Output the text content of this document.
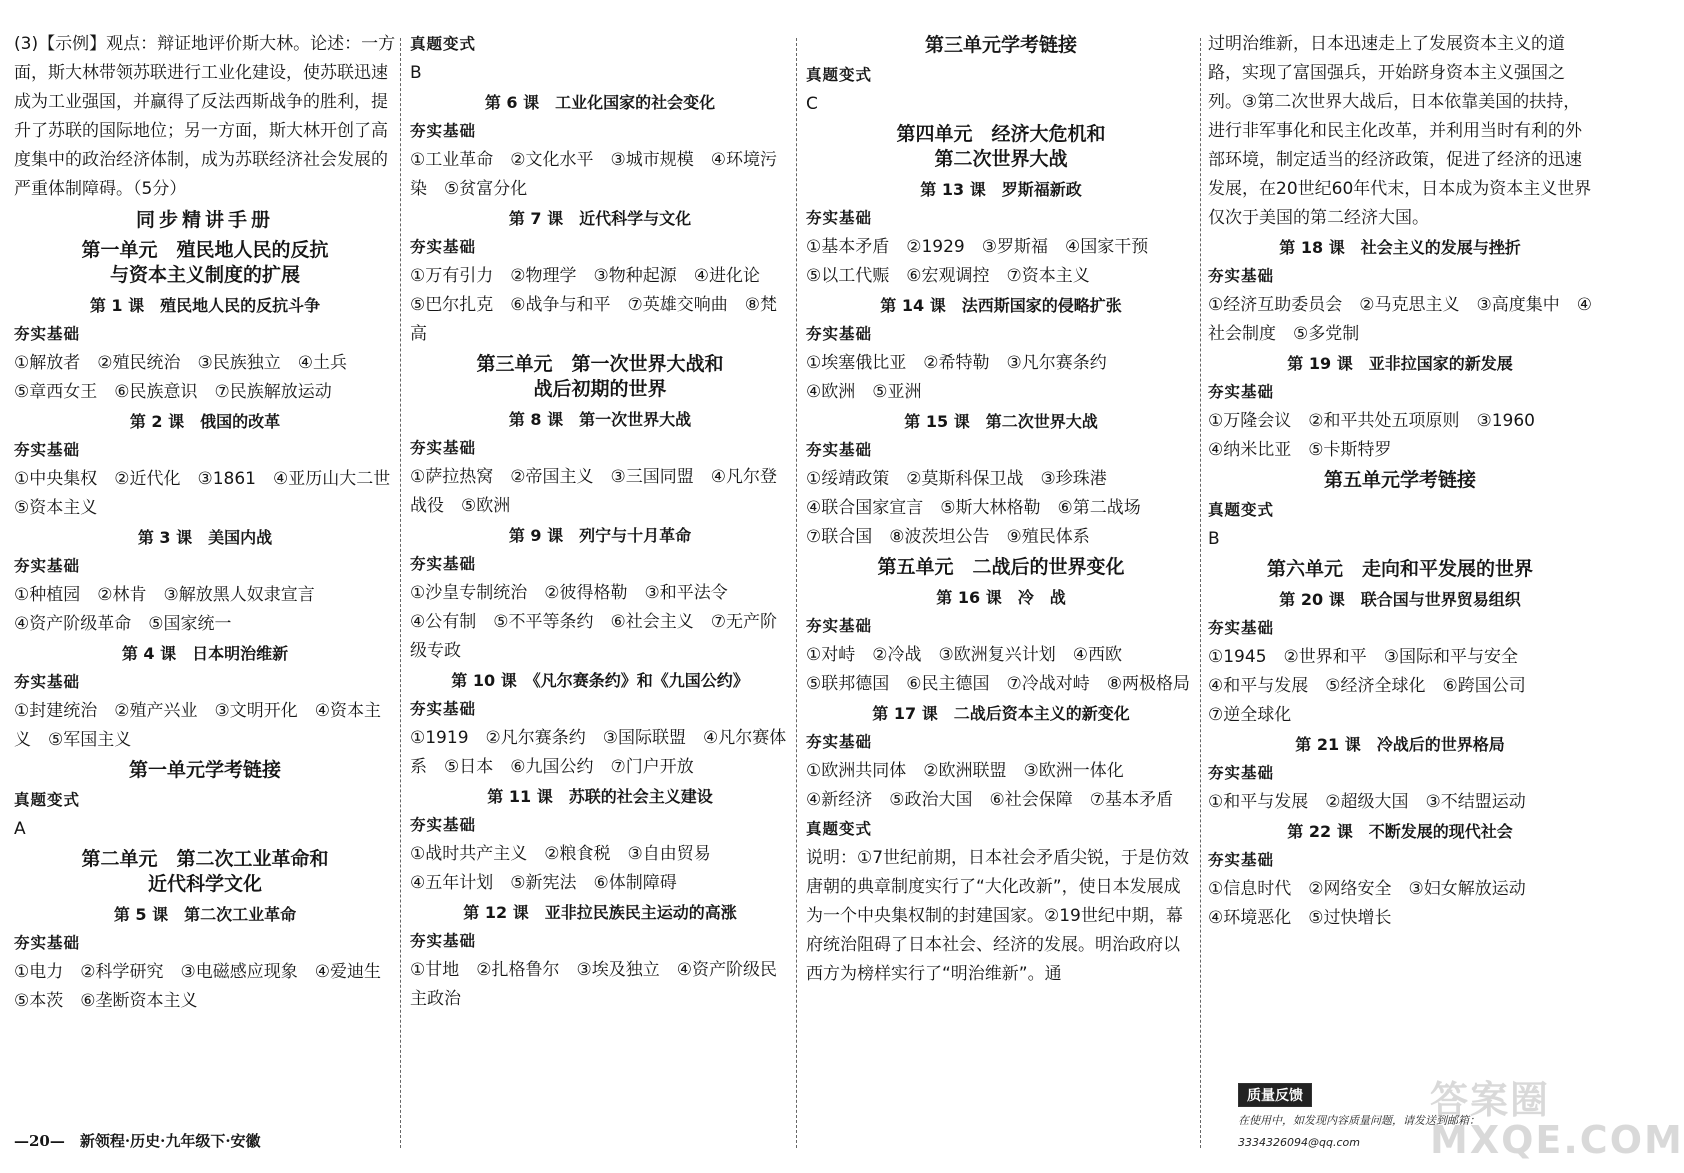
(3)【示例】观点：辩证地评价斯大林。论述：一方面，斯大林带领苏联进行工业化建设，使苏联迅速成为工业强国，并赢得了反法西斯战争的胜利，提升了苏联的国际地位；另一方面，斯大林开创了高度集中的政治经济体制，成为苏联经济社会发展的严重体制障碍。（5分）

同步精讲手册

第一单元　殖民地人民的反抗
与资本主义制度的扩展

第 1 课　殖民地人民的反抗斗争

夯实基础

①解放者　②殖民统治　③民族独立　④土兵
⑤章西女王　⑥民族意识　⑦民族解放运动

第 2 课　俄国的改革

夯实基础

①中央集权　②近代化　③1861　④亚历山大二世　⑤资本主义

第 3 课　美国内战

夯实基础

①种植园　②林肯　③解放黑人奴隶宣言
④资产阶级革命　⑤国家统一

第 4 课　日本明治维新

夯实基础

①封建统治　②殖产兴业　③文明开化　④资本主义　⑤军国主义

第一单元学考链接

真题变式

A

第二单元　第二次工业革命和
近代科学文化

第 5 课　第二次工业革命

夯实基础

①电力　②科学研究　③电磁感应现象　④爱迪生　⑤本茨　⑥垄断资本主义

真题变式

B

第 6 课　工业化国家的社会变化

夯实基础

①工业革命　②文化水平　③城市规模　④环境污染　⑤贫富分化

第 7 课　近代科学与文化

夯实基础

①万有引力　②物理学　③物种起源　④进化论　⑤巴尔扎克　⑥战争与和平　⑦英雄交响曲　⑧梵高

第三单元　第一次世界大战和
战后初期的世界

第 8 课　第一次世界大战

夯实基础

①萨拉热窝　②帝国主义　③三国同盟　④凡尔登战役　⑤欧洲

第 9 课　列宁与十月革命

夯实基础

①沙皇专制统治　②彼得格勒　③和平法令
④公有制　⑤不平等条约　⑥社会主义　⑦无产阶级专政

第 10 课　《凡尔赛条约》和《九国公约》

夯实基础

①1919　②凡尔赛条约　③国际联盟　④凡尔赛体系　⑤日本　⑥九国公约　⑦门户开放

第 11 课　苏联的社会主义建设

夯实基础

①战时共产主义　②粮食税　③自由贸易
④五年计划　⑤新宪法　⑥体制障碍

第 12 课　亚非拉民族民主运动的高涨

夯实基础

①甘地　②扎格鲁尔　③埃及独立　④资产阶级民主政治

第三单元学考链接

真题变式

C

第四单元　经济大危机和
第二次世界大战

第 13 课　罗斯福新政

夯实基础

①基本矛盾　②1929　③罗斯福　④国家干预
⑤以工代赈　⑥宏观调控　⑦资本主义

第 14 课　法西斯国家的侵略扩张

夯实基础

①埃塞俄比亚　②希特勒　③凡尔赛条约
④欧洲　⑤亚洲

第 15 课　第二次世界大战

夯实基础

①绥靖政策　②莫斯科保卫战　③珍珠港
④联合国家宣言　⑤斯大林格勒　⑥第二战场
⑦联合国　⑧波茨坦公告　⑨殖民体系

第五单元　二战后的世界变化

第 16 课　冷　战

夯实基础

①对峙　②冷战　③欧洲复兴计划　④西欧
⑤联邦德国　⑥民主德国　⑦冷战对峙　⑧两极格局

第 17 课　二战后资本主义的新变化

夯实基础

①欧洲共同体　②欧洲联盟　③欧洲一体化
④新经济　⑤政治大国　⑥社会保障　⑦基本矛盾

真题变式

说明：①7世纪前期，日本社会矛盾尖锐，于是仿效唐朝的典章制度实行了“大化改新”，使日本发展成为一个中央集权制的封建国家。②19世纪中期，幕府统治阻碍了日本社会、经济的发展。明治政府以西方为榜样实行了“明治维新”。通

过明治维新，日本迅速走上了发展资本主义的道路，实现了富国强兵，开始跻身资本主义强国之列。③第二次世界大战后，日本依靠美国的扶持，进行非军事化和民主化改革，并利用当时有利的外部环境，制定适当的经济政策，促进了经济的迅速发展，在20世纪60年代末，日本成为资本主义世界仅次于美国的第二经济大国。

第 18 课　社会主义的发展与挫折

夯实基础

①经济互助委员会　②马克思主义　③高度集中　④社会制度　⑤多党制

第 19 课　亚非拉国家的新发展

夯实基础

①万隆会议　②和平共处五项原则　③1960
④纳米比亚　⑤卡斯特罗

第五单元学考链接

真题变式

B

第六单元　走向和平发展的世界

第 20 课　联合国与世界贸易组织

夯实基础

①1945　②世界和平　③国际和平与安全
④和平与发展　⑤经济全球化　⑥跨国公司
⑦逆全球化

第 21 课　冷战后的世界格局

夯实基础

①和平与发展　②超级大国　③不结盟运动

第 22 课　不断发展的现代社会

夯实基础

①信息时代　②网络安全　③妇女解放运动
④环境恶化　⑤过快增长

质量反馈
在使用中，如发现内容质量问题，请发送到邮箱：
3334326094@qq.com
答案圈
MXQE.COM
—20—　新领程·历史·九年级下·安徽
